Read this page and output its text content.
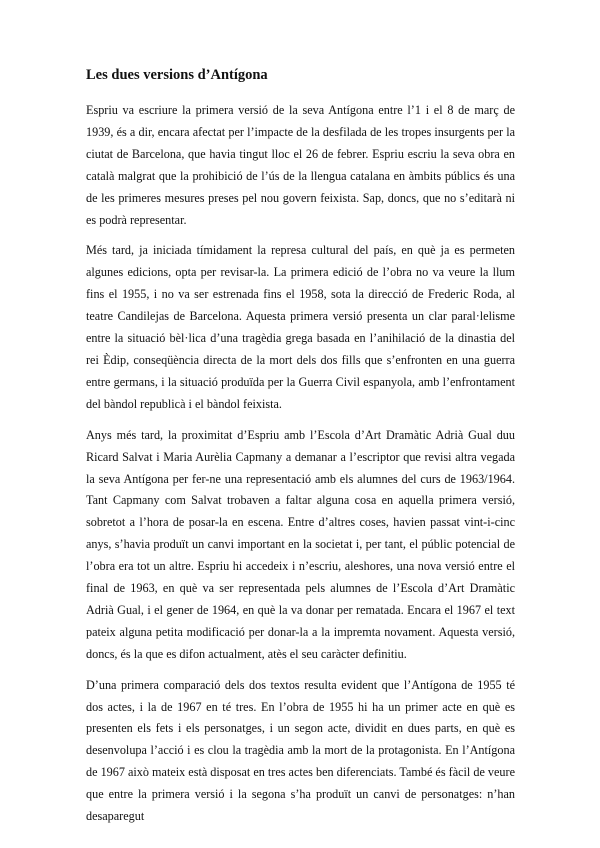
Les dues versions d’Antígona

Espriu va escriure la primera versió de la seva Antígona entre l’1 i el 8 de març de 1939, és a dir, encara afectat per l’impacte de la desfilada de les tropes insurgents per la ciutat de Barcelona, que havia tingut lloc el 26 de febrer. Espriu escriu la seva obra en català malgrat que la prohibició de l’ús de la llengua catalana en àmbits públics és una de les primeres mesures preses pel nou govern feixista. Sap, doncs, que no s’editarà ni es podrà representar.

Més tard, ja iniciada tímidament la represa cultural del país, en què ja es permeten algunes edicions, opta per revisar-la. La primera edició de l’obra no va veure la llum fins el 1955, i no va ser estrenada fins el 1958, sota la direcció de Frederic Roda, al teatre Candilejas de Barcelona. Aquesta primera versió presenta un clar paral·lelisme entre la situació bèl·lica d’una tragèdia grega basada en l’anihilació de la dinastia del rei Èdip, conseqüència directa de la mort dels dos fills que s’enfronten en una guerra entre germans, i la situació produïda per la Guerra Civil espanyola, amb l’enfrontament del bàndol republicà i el bàndol feixista.

Anys més tard, la proximitat d’Espriu amb l’Escola d’Art Dramàtic Adrià Gual duu Ricard Salvat i Maria Aurèlia Capmany a demanar a l’escriptor que revisi altra vegada la seva Antígona per fer-ne una representació amb els alumnes del curs de 1963/1964. Tant Capmany com Salvat trobaven a faltar alguna cosa en aquella primera versió, sobretot a l’hora de posar-la en escena. Entre d’altres coses, havien passat vint-i-cinc anys, s’havia produït un canvi important en la societat i, per tant, el públic potencial de l’obra era tot un altre. Espriu hi accedeix i n’escriu, aleshores, una nova versió entre el final de 1963, en què va ser representada pels alumnes de l’Escola d’Art Dramàtic Adrià Gual, i el gener de 1964, en què la va donar per rematada. Encara el 1967 el text pateix alguna petita modificació per donar-la a la impremta novament. Aquesta versió, doncs, és la que es difon actualment, atès el seu caràcter definitiu.

D’una primera comparació dels dos textos resulta evident que l’Antígona de 1955 té dos actes, i la de 1967 en té tres. En l’obra de 1955 hi ha un primer acte en què es presenten els fets i els personatges, i un segon acte, dividit en dues parts, en què es desenvolupa l’acció i es clou la tragèdia amb la mort de la protagonista. En l’Antígona de 1967 això mateix està disposat en tres actes ben diferenciats. També és fàcil de veure que entre la primera versió i la segona s’ha produït un canvi de personatges: n’han desaparegut
